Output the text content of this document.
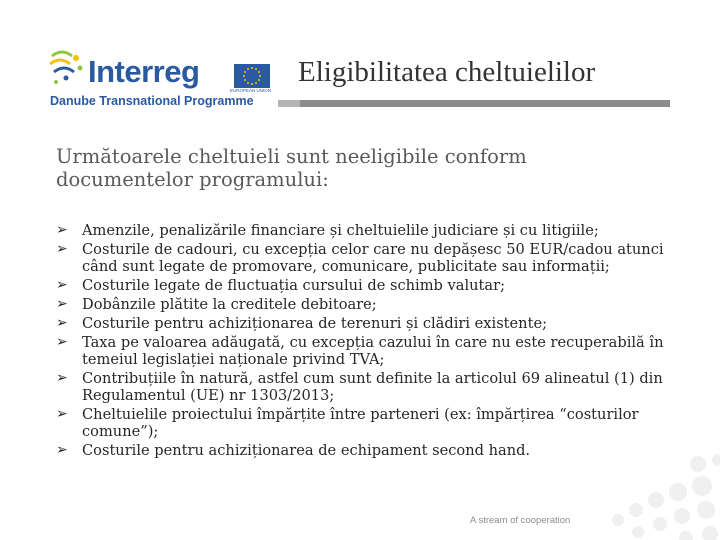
Interreg
EUROPEAN UNION
Danube Transnational Programme
Eligibilitatea cheltuielilor
Următoarele cheltuieli sunt neeligibile conform documentelor programului:
➢ Amenzile, penalizările financiare și cheltuielile judiciare și cu litigiile;
➢ Costurile de cadouri, cu excepția celor care nu depășesc 50 EUR/cadou atunci când sunt legate de promovare, comunicare, publicitate sau informații;
➢ Costurile legate de fluctuația cursului de schimb valutar;
➢ Dobânzile plătite la creditele debitoare;
➢ Costurile pentru achiziționarea de terenuri și clădiri existente;
➢ Taxa pe valoarea adăugată, cu excepția cazului în care nu este recuperabilă în temeiul legislației naționale privind TVA;
➢ Contribuțiile în natură, astfel cum sunt definite la articolul 69 alineatul (1) din Regulamentul (UE) nr 1303/2013;
➢ Cheltuielile proiectului împărțite între parteneri (ex: împărțirea “costurilor comune”);
➢ Costurile pentru achiziționarea de echipament second hand.
A stream of cooperation
